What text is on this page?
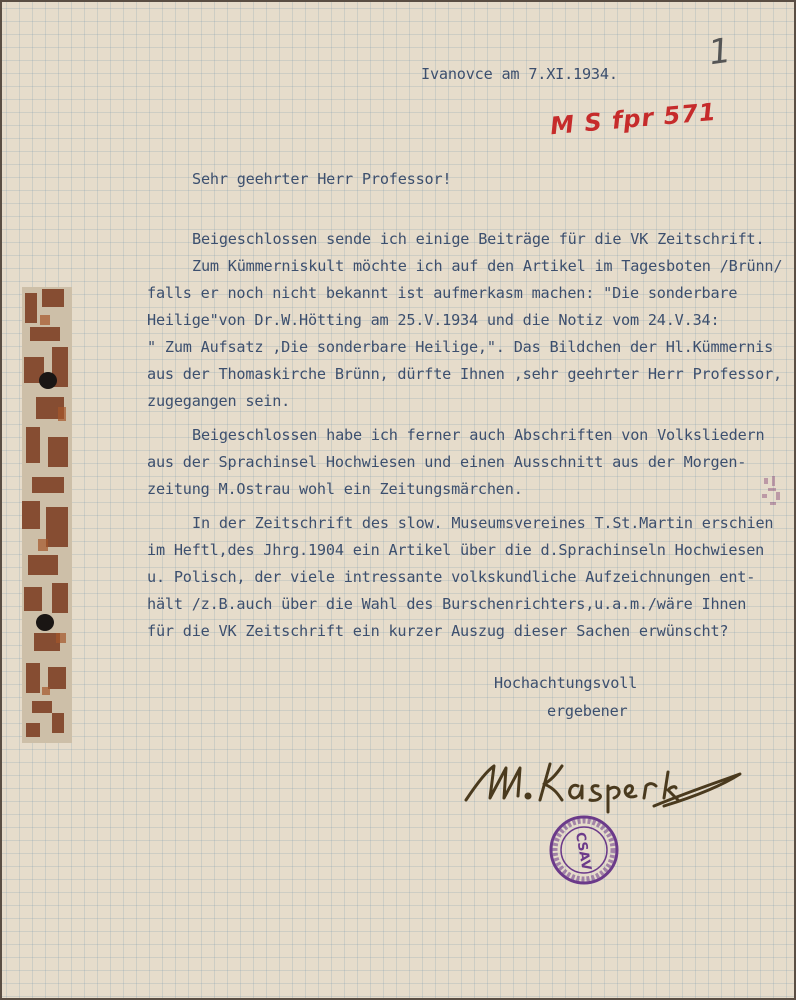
1
M S fpr 571
Ivanovce am 7.XI.1934.
Sehr geehrter Herr Professor!
Beigeschlossen sende ich einige Beiträge für die VK Zeitschrift.
Zum Kümmerniskult möchte ich auf den Artikel im Tagesboten /Brünn/
falls er noch nicht bekannt ist aufmerkasm machen: "Die sonderbare
Heilige"von Dr.W.Hötting am 25.V.1934 und die Notiz vom 24.V.34:
" Zum Aufsatz ,Die sonderbare Heilige,". Das Bildchen der Hl.Kümmernis
aus der Thomaskirche Brünn, dürfte Ihnen ,sehr geehrter Herr Professor,
zugegangen sein.
Beigeschlossen habe ich ferner auch Abschriften von Volksliedern
aus der Sprachinsel Hochwiesen und einen Ausschnitt aus der Morgen-
zeitung M.Ostrau wohl ein Zeitungsmärchen.
In der Zeitschrift des slow. Museumsvereines T.St.Martin erschien
im Heftl,des Jhrg.1904 ein Artikel über die d.Sprachinseln Hochwiesen
u. Polisch, der viele intressante volkskundliche Aufzeichnungen ent-
hält /z.B.auch über die Wahl des Burschenrichters,u.a.m./wäre Ihnen
für die VK Zeitschrift ein kurzer Auszug dieser Sachen erwünscht?
Hochachtungsvoll
ergebener
CSAV
